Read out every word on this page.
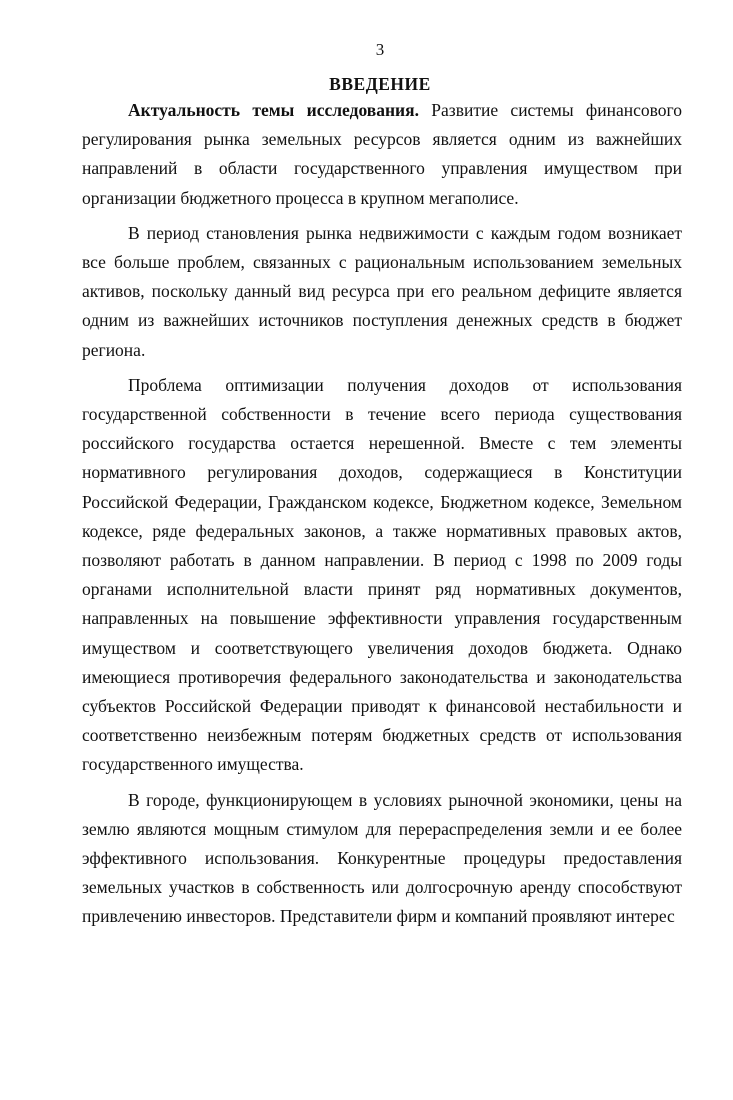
3
ВВЕДЕНИЕ

Актуальность темы исследования. Развитие системы финансового регулирования рынка земельных ресурсов является одним из важнейших направлений в области государственного управления имуществом при организации бюджетного процесса в крупном мегаполисе.

В период становления рынка недвижимости с каждым годом возникает все больше проблем, связанных с рациональным использованием земельных активов, поскольку данный вид ресурса при его реальном дефиците является одним из важнейших источников поступления денежных средств в бюджет региона.

Проблема оптимизации получения доходов от использования государственной собственности в течение всего периода существования российского государства остается нерешенной. Вместе с тем элементы нормативного регулирования доходов, содержащиеся в Конституции Российской Федерации, Гражданском кодексе, Бюджетном кодексе, Земельном кодексе, ряде федеральных законов, а также нормативных правовых актов, позволяют работать в данном направлении. В период с 1998 по 2009 годы органами исполнительной власти принят ряд нормативных документов, направленных на повышение эффективности управления государственным имуществом и соответствующего увеличения доходов бюджета. Однако имеющиеся противоречия федерального законодательства и законодательства субъектов Российской Федерации приводят к финансовой нестабильности и соответственно неизбежным потерям бюджетных средств от использования государственного имущества.

В городе, функционирующем в условиях рыночной экономики, цены на землю являются мощным стимулом для перераспределения земли и ее более эффективного использования. Конкурентные процедуры предоставления земельных участков в собственность или долгосрочную аренду способствуют привлечению инвесторов. Представители фирм и компаний проявляют интерес
